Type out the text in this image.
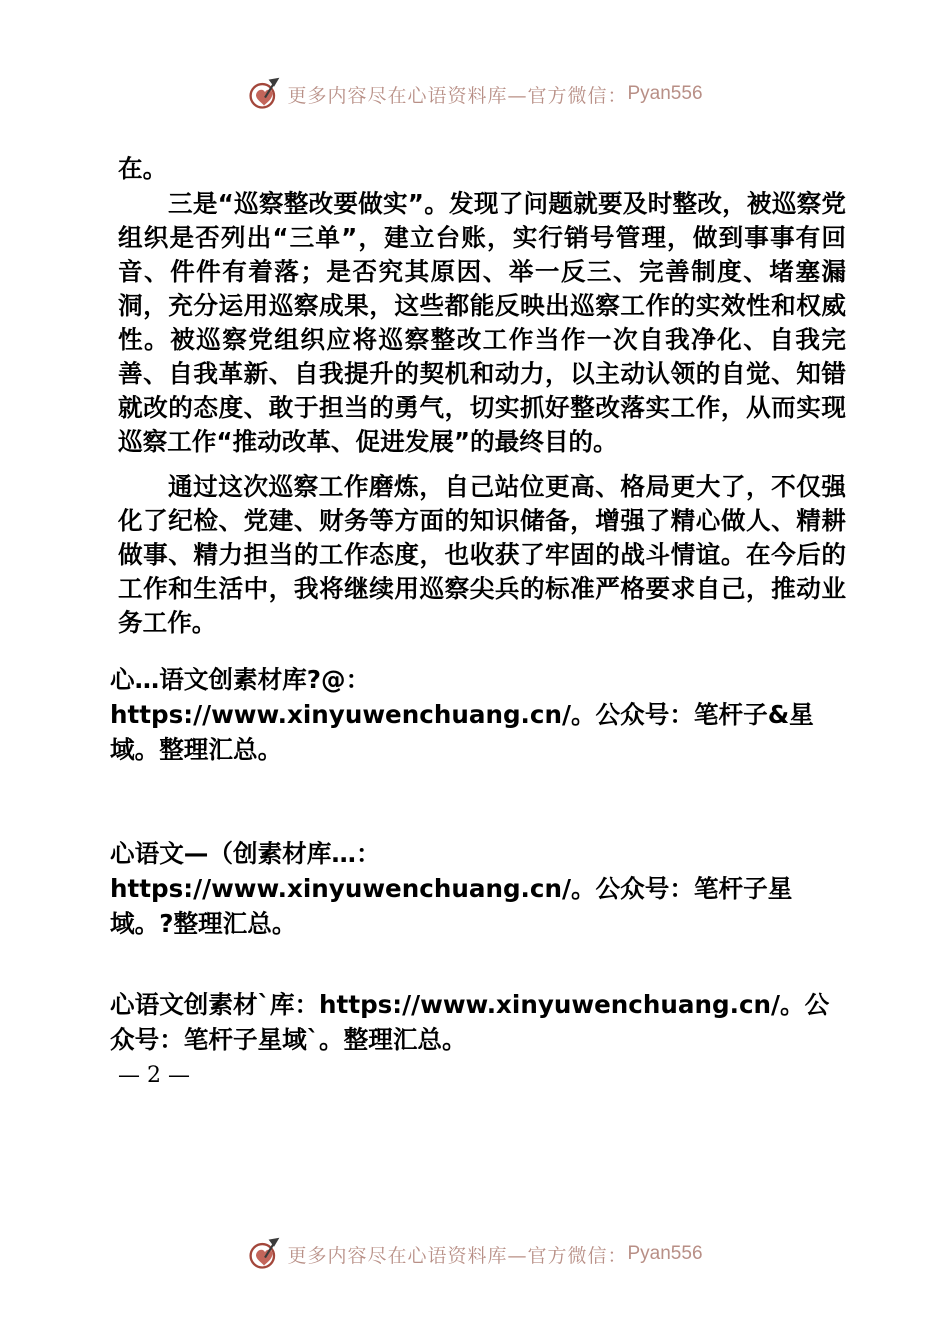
更多内容尽在心语资料库—官方微信： Pyan556

在。

三是“巡察整改要做实”。发现了问题就要及时整改，被巡察党组织是否列出“三单”，建立台账，实行销号管理，做到事事有回音、件件有着落；是否究其原因、举一反三、完善制度、堵塞漏洞，充分运用巡察成果，这些都能反映出巡察工作的实效性和权威性。被巡察党组织应将巡察整改工作当作一次自我净化、自我完善、自我革新、自我提升的契机和动力，以主动认领的自觉、知错就改的态度、敢于担当的勇气，切实抓好整改落实工作，从而实现巡察工作“推动改革、促进发展”的最终目的。

通过这次巡察工作磨炼，自己站位更高、格局更大了，不仅强化了纪检、党建、财务等方面的知识储备，增强了精心做人、精耕做事、精力担当的工作态度，也收获了牢固的战斗情谊。在今后的工作和生活中，我将继续用巡察尖兵的标准严格要求自己，推动业务工作。

心…语文创素材库?@：https://www.xinyuwenchuang.cn/。公众号：笔杆子&星域。整理汇总。

心语文—（创素材库…：https://www.xinyuwenchuang.cn/。公众号：笔杆子星域。?整理汇总。

心语文创素材`库：https://www.xinyuwenchuang.cn/。公众号：笔杆子星域`。整理汇总。

— 2 —

更多内容尽在心语资料库—官方微信： Pyan556
